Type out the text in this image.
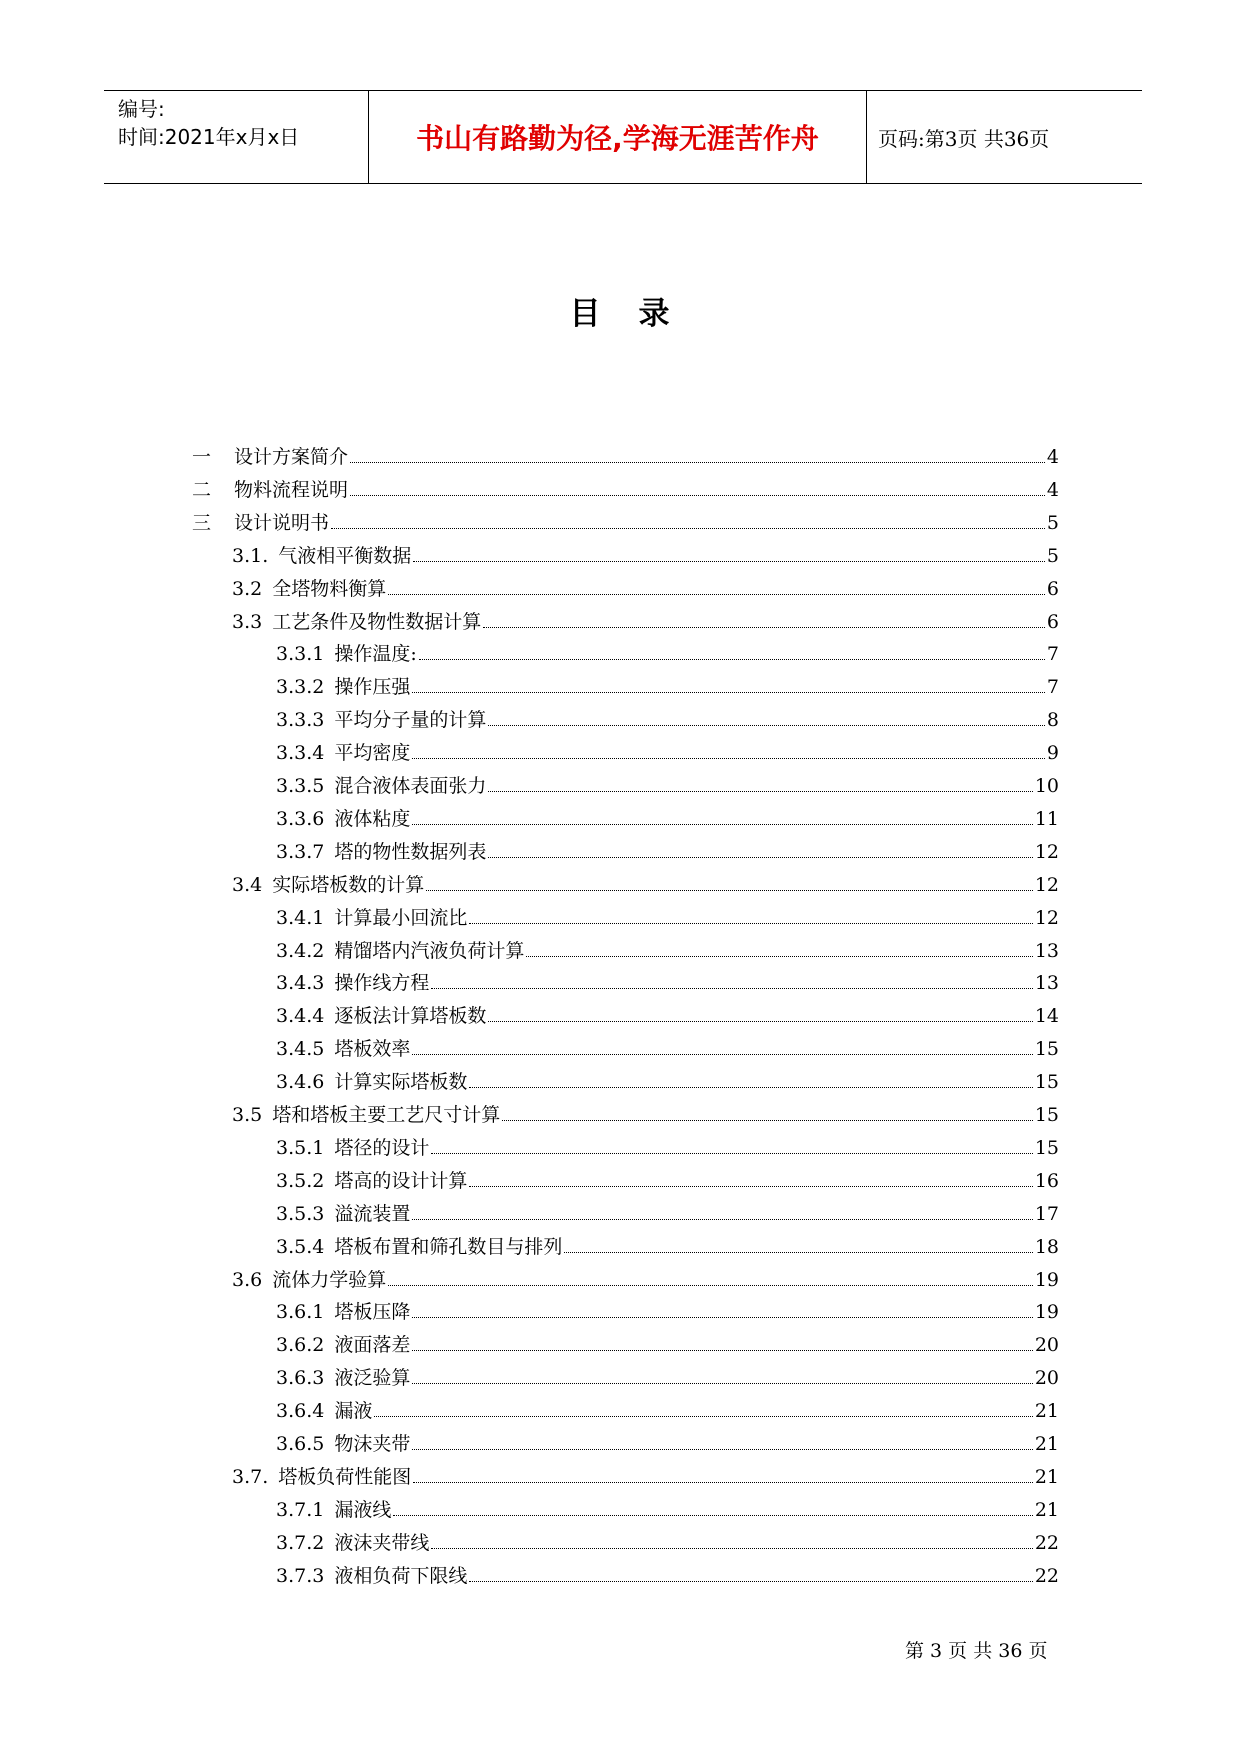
编号:
时间:2021年x月x日	书山有路勤为径,学海无涯苦作舟	页码:第3页 共36页
目 录
一	设计方案简介	4
二	物料流程说明	4
三	设计说明书	5
3.1. 气液相平衡数据	5
3.2 全塔物料衡算	6
3.3 工艺条件及物性数据计算	6
3.3.1 操作温度:	7
3.3.2 操作压强	7
3.3.3 平均分子量的计算	8
3.3.4 平均密度	9
3.3.5 混合液体表面张力	10
3.3.6 液体粘度	11
3.3.7 塔的物性数据列表	12
3.4 实际塔板数的计算	12
3.4.1 计算最小回流比	12
3.4.2 精馏塔内汽液负荷计算	13
3.4.3 操作线方程	13
3.4.4 逐板法计算塔板数	14
3.4.5 塔板效率	15
3.4.6 计算实际塔板数	15
3.5 塔和塔板主要工艺尺寸计算	15
3.5.1 塔径的设计	15
3.5.2 塔高的设计计算	16
3.5.3 溢流装置	17
3.5.4 塔板布置和筛孔数目与排列	18
3.6 流体力学验算	19
3.6.1 塔板压降	19
3.6.2 液面落差	20
3.6.3 液泛验算	20
3.6.4 漏液	21
3.6.5 物沫夹带	21
3.7. 塔板负荷性能图	21
3.7.1 漏液线	21
3.7.2 液沫夹带线	22
3.7.3 液相负荷下限线	22
第 3 页 共 36 页
